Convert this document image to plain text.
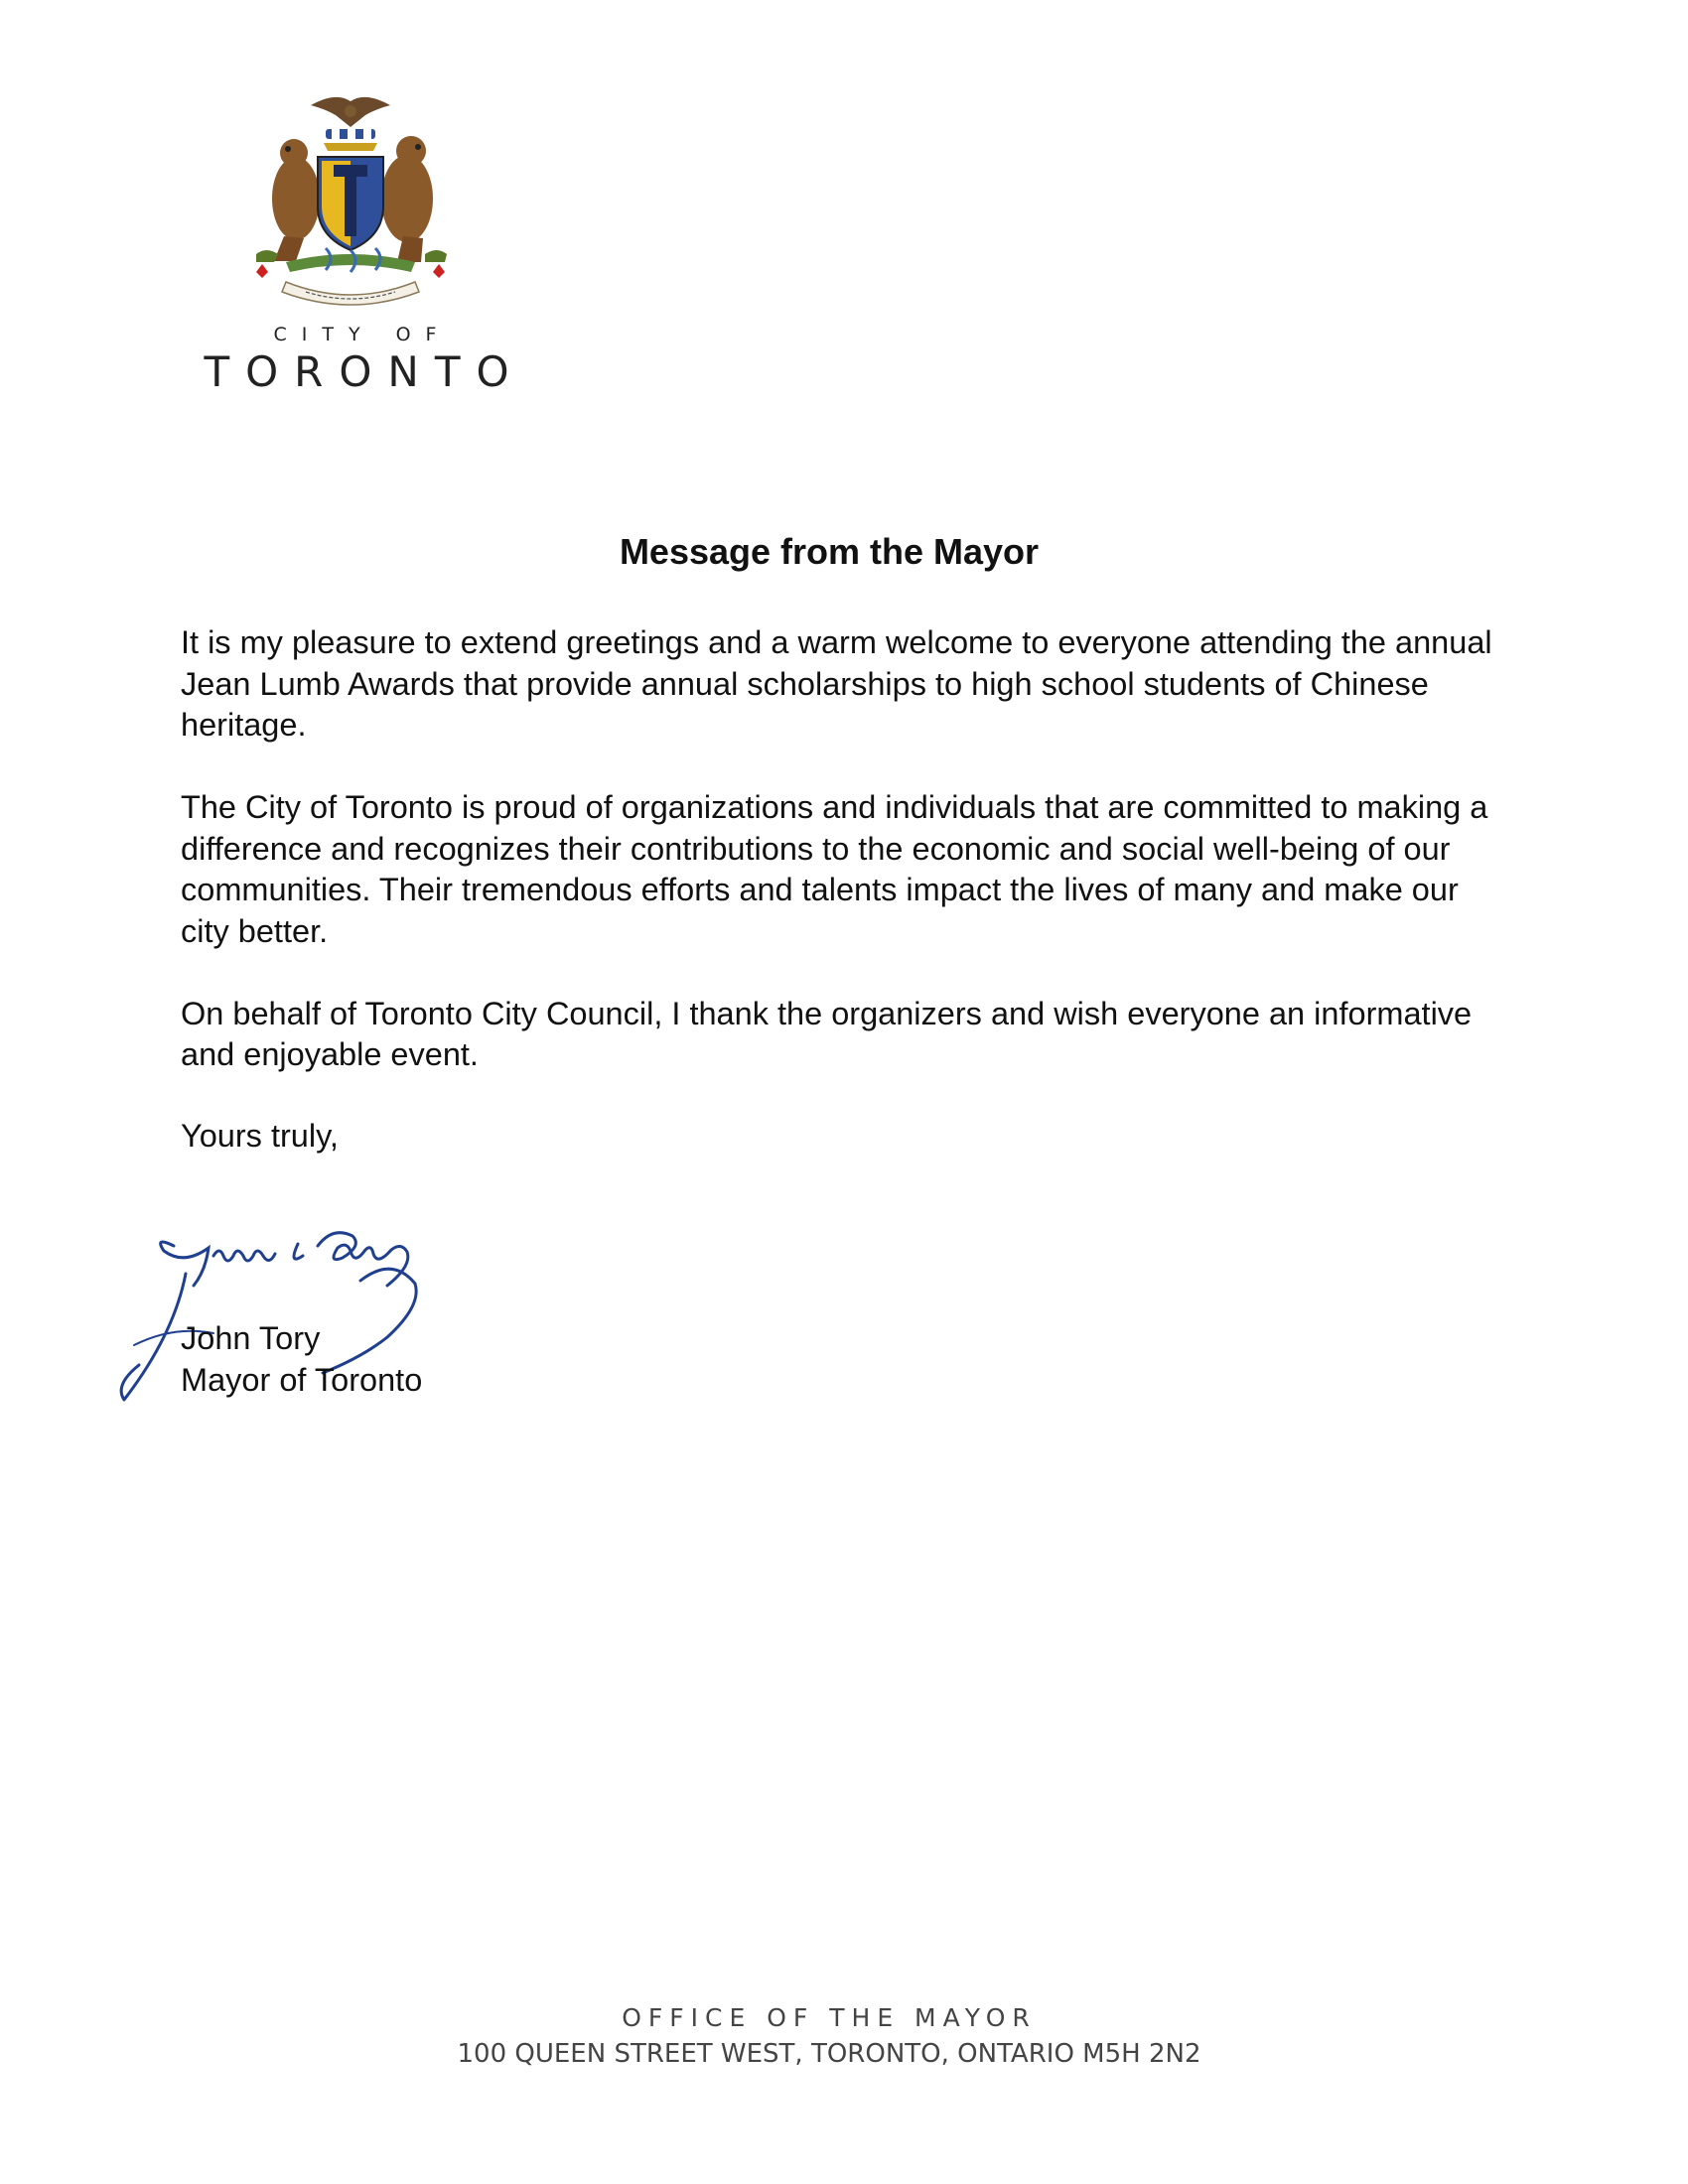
CITY OF
TORONTO
Message from the Mayor

It is my pleasure to extend greetings and a warm welcome to everyone attending the annual Jean Lumb Awards that provide annual scholarships to high school students of Chinese heritage.

The City of Toronto is proud of organizations and individuals that are committed to making a difference and recognizes their contributions to the economic and social well-being of our communities. Their tremendous efforts and talents impact the lives of many and make our city better.

On behalf of Toronto City Council, I thank the organizers and wish everyone an informative and enjoyable event.

Yours truly,
John Tory
Mayor of Toronto
OFFICE OF THE MAYOR
100 QUEEN STREET WEST, TORONTO, ONTARIO M5H 2N2
